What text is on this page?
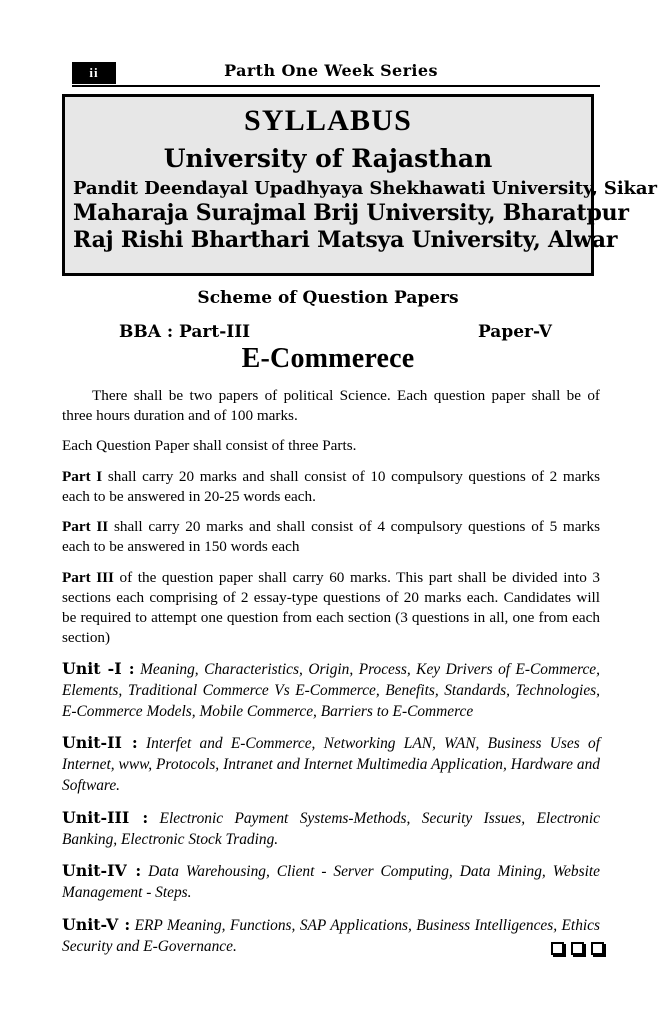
ii	Parth One Week Series
SYLLABUS
University of Rajasthan
Pandit Deendayal Upadhyaya Shekhawati University, Sikar
Maharaja Surajmal Brij University, Bharatpur
Raj Rishi Bharthari Matsya University, Alwar
Scheme of Question Papers
BBA : Part-III	Paper-V
E-Commerece

There shall be two papers of political Science. Each question paper shall be of three hours duration and of 100 marks.

Each Question Paper shall consist of three Parts.

Part I shall carry 20 marks and shall consist of 10 compulsory questions of 2 marks each to be answered in 20-25 words each.

Part II shall carry 20 marks and shall consist of 4 compulsory questions of 5 marks each to be answered in 150 words each

Part III of the question paper shall carry 60 marks. This part shall be divided into 3 sections each comprising of 2 essay-type questions of 20 marks each. Candidates will be required to attempt one question from each section (3 questions in all, one from each section)

Unit -I : Meaning, Characteristics, Origin, Process, Key Drivers of E-Commerce, Elements, Traditional Commerce Vs E-Commerce, Benefits, Standards, Technologies, E-Commerce Models, Mobile Commerce, Barriers to E-Commerce

Unit-II : Interfet and E-Commerce, Networking LAN, WAN, Business Uses of Internet, www, Protocols, Intranet and Internet Multimedia Application, Hardware and Software.

Unit-III : Electronic Payment Systems-Methods, Security Issues, Electronic Banking, Electronic Stock Trading.

Unit-IV : Data Warehousing, Client - Server Computing, Data Mining, Website Management - Steps.

Unit-V : ERP Meaning, Functions, SAP Applications, Business Intelligences, Ethics Security and E-Governance.
